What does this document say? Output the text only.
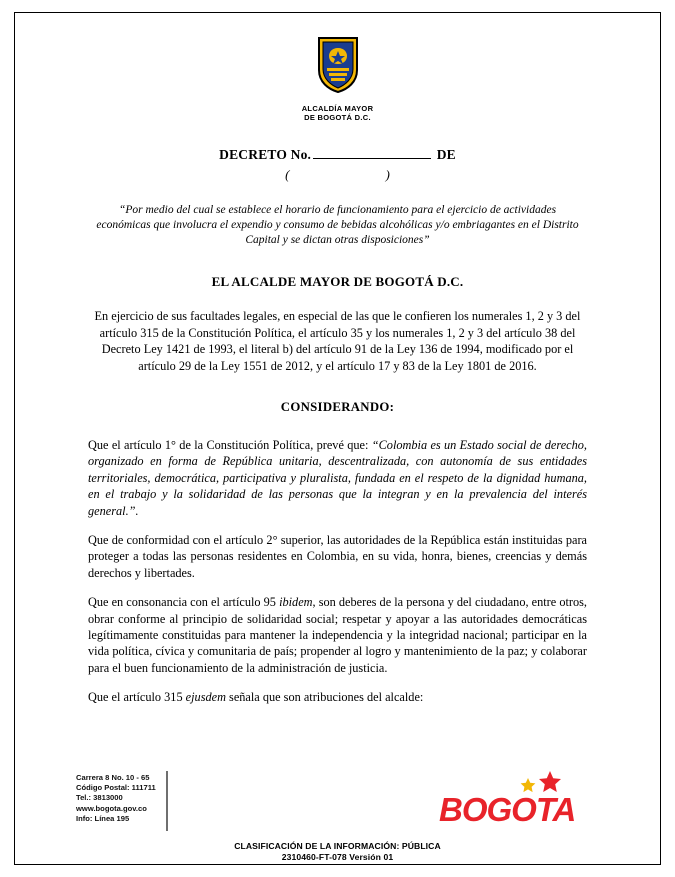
ALCALDÍA MAYOR
DE BOGOTÁ D.C.
DECRETO No.	DE
(	)
“Por medio del cual se establece el horario de funcionamiento para el ejercicio de actividades económicas que involucra el expendio y consumo de bebidas alcohólicas y/o embriagantes en el Distrito Capital y se dictan otras disposiciones”
EL ALCALDE MAYOR DE BOGOTÁ D.C.
En ejercicio de sus facultades legales, en especial de las que le confieren los numerales 1, 2 y 3 del artículo 315 de la Constitución Política, el artículo 35 y los numerales 1, 2 y 3 del artículo 38 del Decreto Ley 1421 de 1993, el literal b) del artículo 91 de la Ley 136 de 1994, modificado por el artículo 29 de la Ley 1551 de 2012, y el artículo 17 y 83 de la Ley 1801 de 2016.
CONSIDERANDO:

Que el artículo 1° de la Constitución Política, prevé que: “Colombia es un Estado social de derecho, organizado en forma de República unitaria, descentralizada, con autonomía de sus entidades territoriales, democrática, participativa y pluralista, fundada en el respeto de la dignidad humana, en el trabajo y la solidaridad de las personas que la integran y en la prevalencia del interés general.”.

Que de conformidad con el artículo 2° superior, las autoridades de la República están instituidas para proteger a todas las personas residentes en Colombia, en su vida, honra, bienes, creencias y demás derechos y libertades.

Que en consonancia con el artículo 95 ibidem, son deberes de la persona y del ciudadano, entre otros, obrar conforme al principio de solidaridad social; respetar y apoyar a las autoridades democráticas legítimamente constituidas para mantener la independencia y la integridad nacional; participar en la vida política, cívica y comunitaria de país; propender al logro y mantenimiento de la paz; y colaborar para el buen funcionamiento de la administración de justicia.

Que el artículo 315 ejusdem señala que son atribuciones del alcalde:

Carrera 8 No. 10 - 65
Código Postal: 111711
Tel.: 3813000
www.bogota.gov.co
Info: Línea 195	BOGOTA
CLASIFICACIÓN DE LA INFORMACIÓN: PÚBLICA
2310460-FT-078 Versión 01
